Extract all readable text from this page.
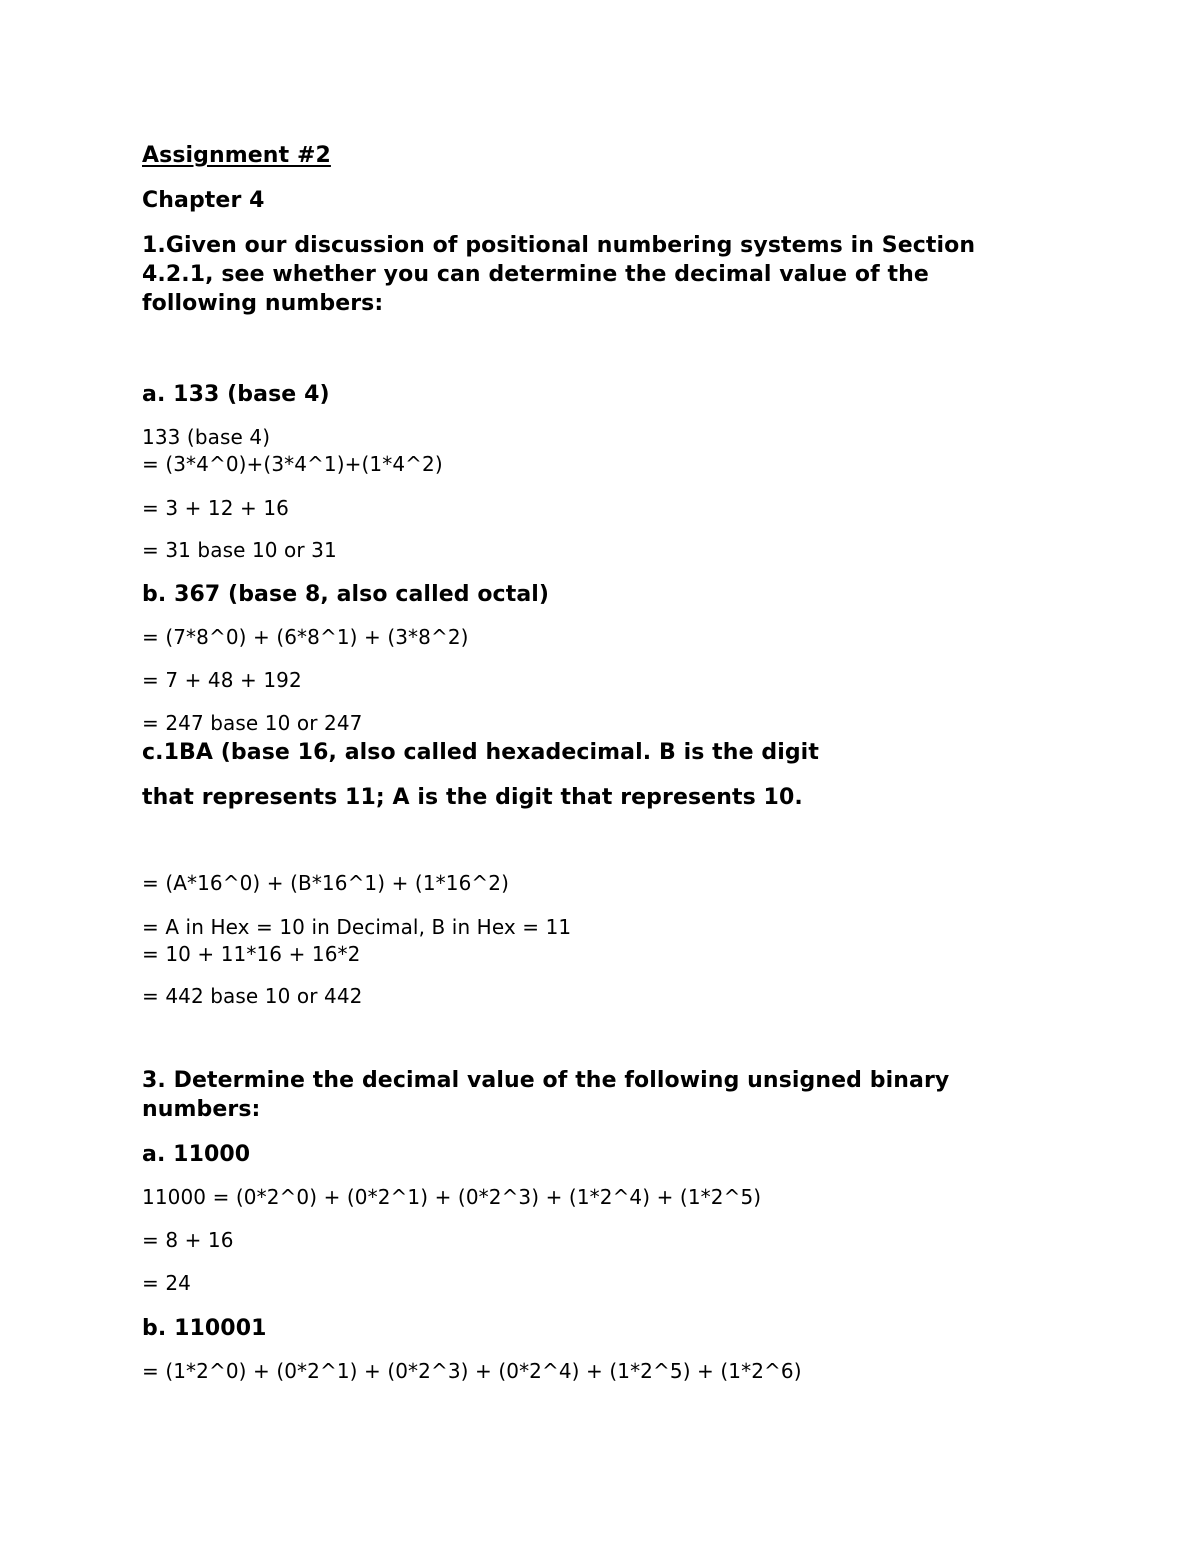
Assignment #2

Chapter 4

1.Given our discussion of positional numbering systems in Section

4.2.1, see whether you can determine the decimal value of the

following numbers:

a. 133 (base 4)

133 (base 4)

= (3*4^0)+(3*4^1)+(1*4^2)

= 3 + 12 + 16

= 31 base 10 or 31

b. 367 (base 8, also called octal)

= (7*8^0) + (6*8^1) + (3*8^2)

= 7 + 48 + 192

= 247 base 10 or 247

c.1BA (base 16, also called hexadecimal. B is the digit

that represents 11; A is the digit that represents 10.

= (A*16^0) + (B*16^1) + (1*16^2)

= A in Hex = 10 in Decimal, B in Hex = 11

= 10 + 11*16 + 16*2

= 442 base 10 or 442

3. Determine the decimal value of the following unsigned binary

numbers:

a. 11000

11000 = (0*2^0) + (0*2^1) + (0*2^3) + (1*2^4) + (1*2^5)

= 8 + 16

= 24

b. 110001

= (1*2^0) + (0*2^1) + (0*2^3) + (0*2^4) + (1*2^5) + (1*2^6)
